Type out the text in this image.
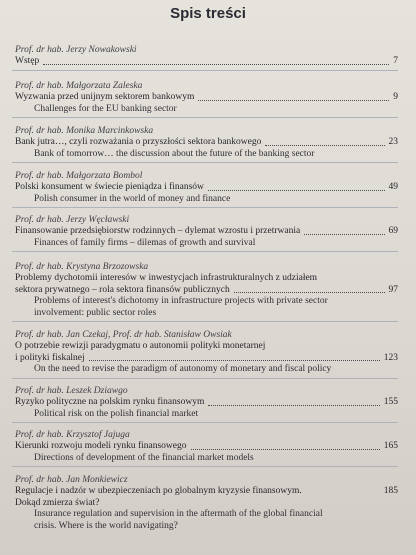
Spis treści
Prof. dr hab. Jerzy Nowakowski
Wstęp	7
Prof. dr hab. Małgorzata Zaleska
Wyzwania przed unijnym sektorem bankowym	9
Challenges for the EU banking sector
Prof. dr hab. Monika Marcinkowska
Bank jutra…, czyli rozważania o przyszłości sektora bankowego	23
Bank of tomorrow… the discussion about the future of the banking sector
Prof. dr hab. Małgorzata Bombol
Polski konsument w świecie pieniądza i finansów	49
Polish consumer in the world of money and finance
Prof. dr hab. Jerzy Węcławski
Finansowanie przedsiębiorstw rodzinnych – dylemat wzrostu i przetrwania	69
Finances of family firms – dilemas of growth and survival
Prof. dr hab. Krystyna Brzozowska
Problemy dychotomii interesów w inwestycjach infrastrukturalnych z udziałem
sektora prywatnego – rola sektora finansów publicznych	97
Problems of interest's dichotomy in infrastructure projects with private sector
involvement: public sector roles
Prof. dr hab. Jan Czekaj, Prof. dr hab. Stanisław Owsiak
O potrzebie rewizji paradygmatu o autonomii polityki monetarnej
i polityki fiskalnej	123
On the need to revise the paradigm of autonomy of monetary and fiscal policy
Prof. dr hab. Leszek Dziawgo
Ryzyko polityczne na polskim rynku finansowym	155
Political risk on the polish financial market
Prof. dr hab. Krzysztof Jajuga
Kierunki rozwoju modeli rynku finansowego	165
Directions of development of the financial market models
Prof. dr hab. Jan Monkiewicz
Regulacje i nadzór w ubezpieczeniach po globalnym kryzysie finansowym.	185
Dokąd zmierza świat?
Insurance regulation and supervision in the aftermath of the global financial
crisis. Where is the world navigating?
